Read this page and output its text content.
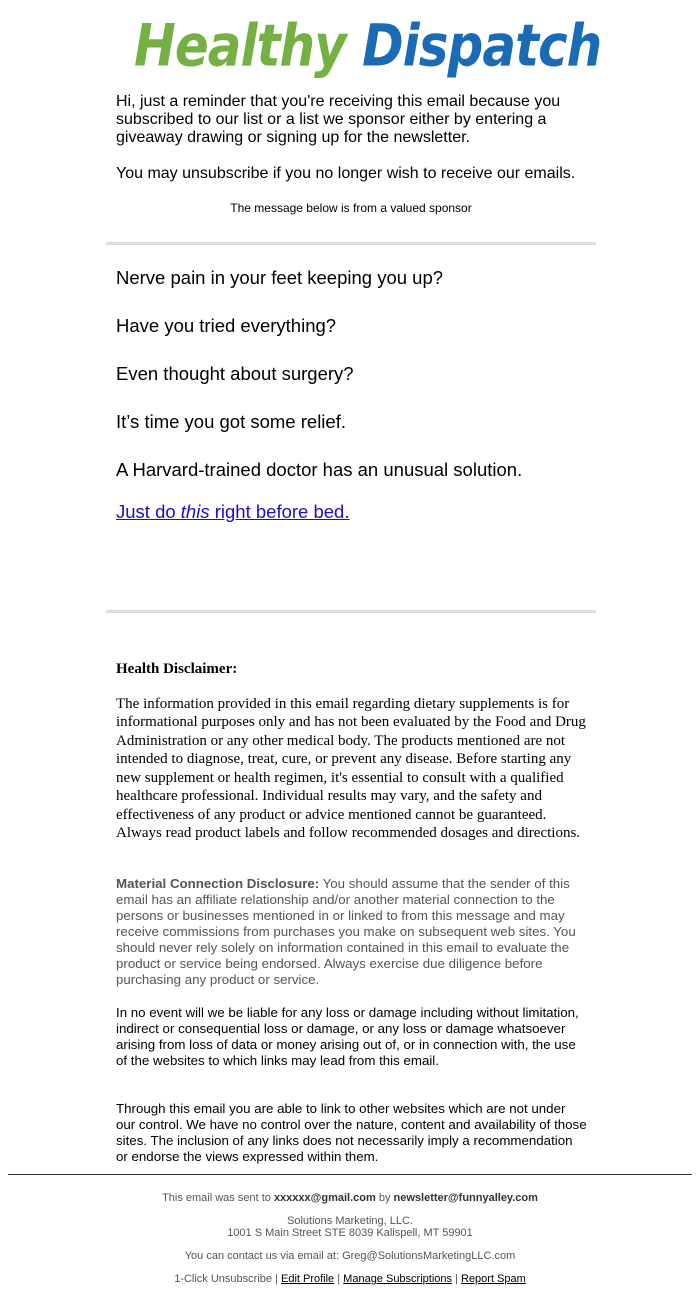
Healthy Dispatch

Hi, just a reminder that you're receiving this email because you subscribed to our list or a list we sponsor either by entering a giveaway drawing or signing up for the newsletter.

You may unsubscribe if you no longer wish to receive our emails.

The message below is from a valued sponsor

Nerve pain in your feet keeping you up?

Have you tried everything?

Even thought about surgery?

It’s time you got some relief.

A Harvard-trained doctor has an unusual solution.

Just do this right before bed.

Health Disclaimer:

The information provided in this email regarding dietary supplements is for informational purposes only and has not been evaluated by the Food and Drug Administration or any other medical body. The products mentioned are not intended to diagnose, treat, cure, or prevent any disease. Before starting any new supplement or health regimen, it's essential to consult with a qualified healthcare professional. Individual results may vary, and the safety and effectiveness of any product or advice mentioned cannot be guaranteed. Always read product labels and follow recommended dosages and directions.

Material Connection Disclosure: You should assume that the sender of this email has an affiliate relationship and/or another material connection to the persons or businesses mentioned in or linked to from this message and may receive commissions from purchases you make on subsequent web sites. You should never rely solely on information contained in this email to evaluate the product or service being endorsed. Always exercise due diligence before purchasing any product or service.
In no event will we be liable for any loss or damage including without limitation, indirect or consequential loss or damage, or any loss or damage whatsoever arising from loss of data or money arising out of, or in connection with, the use of the websites to which links may lead from this email.
Through this email you are able to link to other websites which are not under our control. We have no control over the nature, content and availability of those sites. The inclusion of any links does not necessarily imply a recommendation or endorse the views expressed within them.

This email was sent to xxxxxx@gmail.com by newsletter@funnyalley.com

Solutions Marketing, LLC.
1001 S Main Street STE 8039 Kalispell, MT 59901

You can contact us via email at: Greg@SolutionsMarketingLLC.com

1-Click Unsubscribe | Edit Profile | Manage Subscriptions | Report Spam
